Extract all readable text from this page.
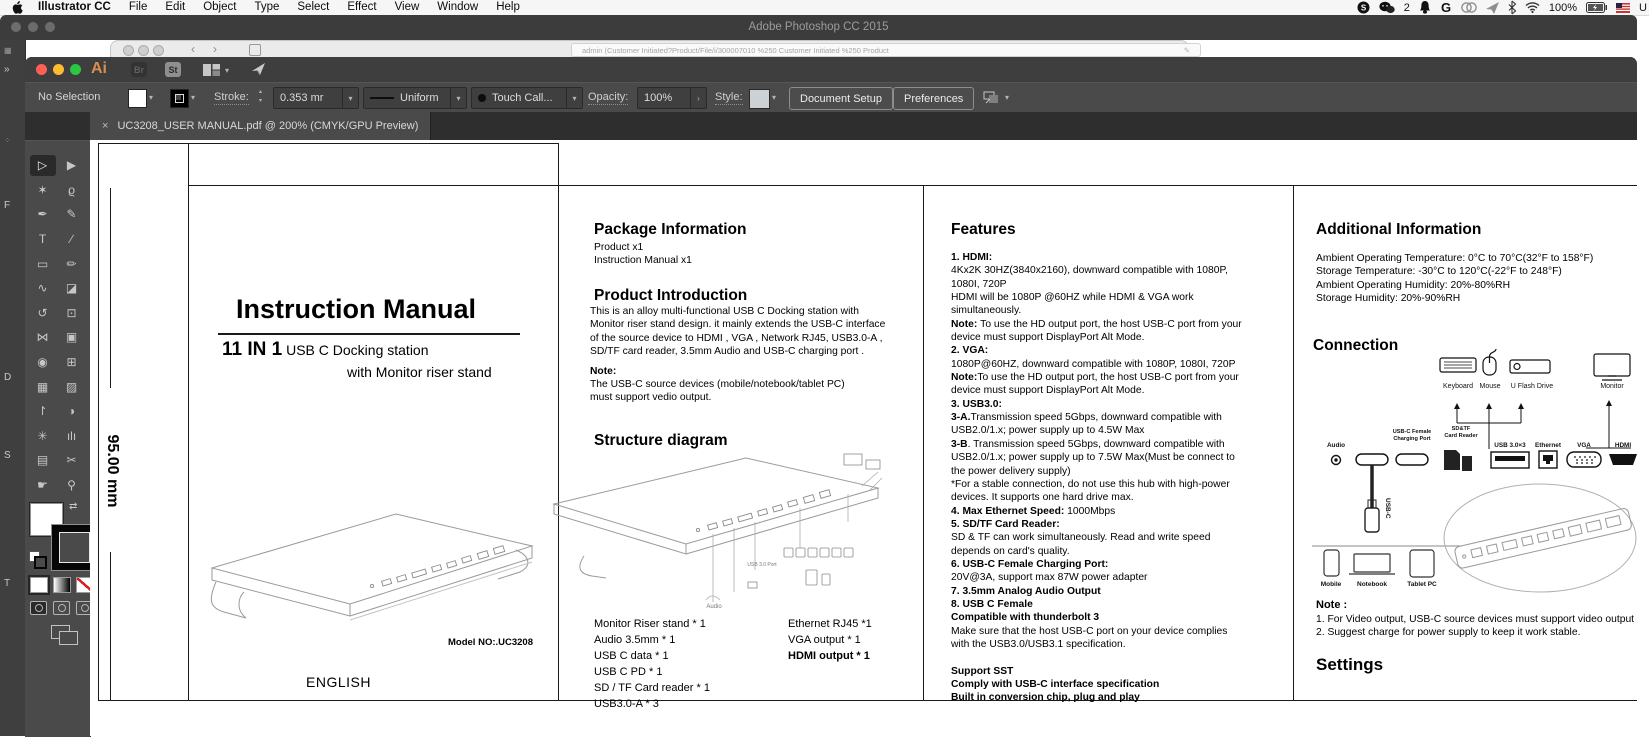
Illustrator CC	File	Edit	Object	Type	Select	Effect	View	Window	Help	S	2 G	100%	U
Adobe Photoshop CC 2015
‹ ›	admin (Customer Initiated?Product/File/i/300007010 %250 Customer Initiated %250 Product	✎
▦
»
⁘
F
D
S
T
Ai	Br	St	▾
No Selection	▾	▾ Stroke: ▴
▾ 0.353 mr	▾	Uniform	▾	Touch Call...	▾	Opacity: 100%	›	Style:	▾	Document Setup	Preferences	▾
× UC3208_USER MANUAL.pdf @ 200% (CMYK/GPU Preview)
▷ ▶
✶ ϱ
✒ ✎
T ∕
▭ ✏
∿ ◪
↺ ⊡
⋈ ▣
◉ ⊞
▦ ▨
↾ ◑
✳ ılı
▤ ✂
☛ ⚲
⇄ 95.00 mm
Instruction Manual
11 IN 1 USB C Docking station
with Monitor riser stand
Model NO:.UC3208
ENGLISH
Package Information
Product x1
Instruction Manual x1
Product Introduction
This is an alloy multi-functional USB C Docking station with
Monitor riser stand design. it mainly extends the USB-C interface
of the source device to HDMI , VGA , Network RJ45, USB3.0-A ,
SD/TF card reader, 3.5mm Audio and USB-C charging port .
Note:
The USB-C source devices (mobile/notebook/tablet PC)
must support vedio output.
Structure diagram
Audio
USB 3.0 Port
Monitor Riser stand * 1
Audio 3.5mm * 1
USB C data * 1
USB C PD * 1
SD / TF Card reader * 1
USB3.0-A * 3
Ethernet RJ45 *1
VGA output * 1
HDMI output * 1
Features
1. HDMI:
4Kx2K 30HZ(3840x2160), downward compatible with 1080P,
1080I, 720P
HDMI will be 1080P @60HZ while HDMI & VGA work
simultaneously.
Note: To use the HD output port, the host USB-C port from your
device must support DisplayPort Alt Mode.
2. VGA:
1080P@60HZ, downward compatible with 1080P, 1080I, 720P
Note:To use the HD output port, the host USB-C port from your
device must support DisplayPort Alt Mode.
3. USB3.0:
3-A.Transmission speed 5Gbps, downward compatible with
USB2.0/1.x; power supply up to 4.5W Max
3-B. Transmission speed 5Gbps, downward compatible with
USB2.0/1.x; power supply up to 7.5W Max(Must be connect to
the power delivery supply)
*For a stable connection, do not use this hub with high-power
devices. It supports one hard drive max.
4. Max Ethernet Speed: 1000Mbps
5. SD/TF Card Reader:
SD & TF can work simultaneously. Read and write speed
depends on card's quality.
6. USB-C Female Charging Port:
20V@3A, support max 87W power adapter
7. 3.5mm Analog Audio Output
8. USB C Female
Compatible with thunderbolt 3
Make sure that the host USB-C port on your device complies
with the USB3.0/USB3.1 specification.
Support SST
Comply with USB-C interface specification
Built in conversion chip, plug and play
Additional Information
Ambient Operating Temperature: 0°C to 70°C(32°F to 158°F)
Storage Temperature: -30°C to 120°C(-22°F to 248°F)
Ambient Operating Humidity: 20%-80%RH
Storage Humidity: 20%-90%RH
Connection
Keyboard Mouse U Flash Drive	Monitor
Audio
USB-C Female
Charging Port
SD&TF
Card Reader
USB 3.0×3 Ethernet	VGA	HDMI
USB-C
Mobile Notebook	Tablet PC
Note :
1. For Video output, USB-C source devices must support video output
2. Suggest charge for power supply to keep it work stable.
Settings
